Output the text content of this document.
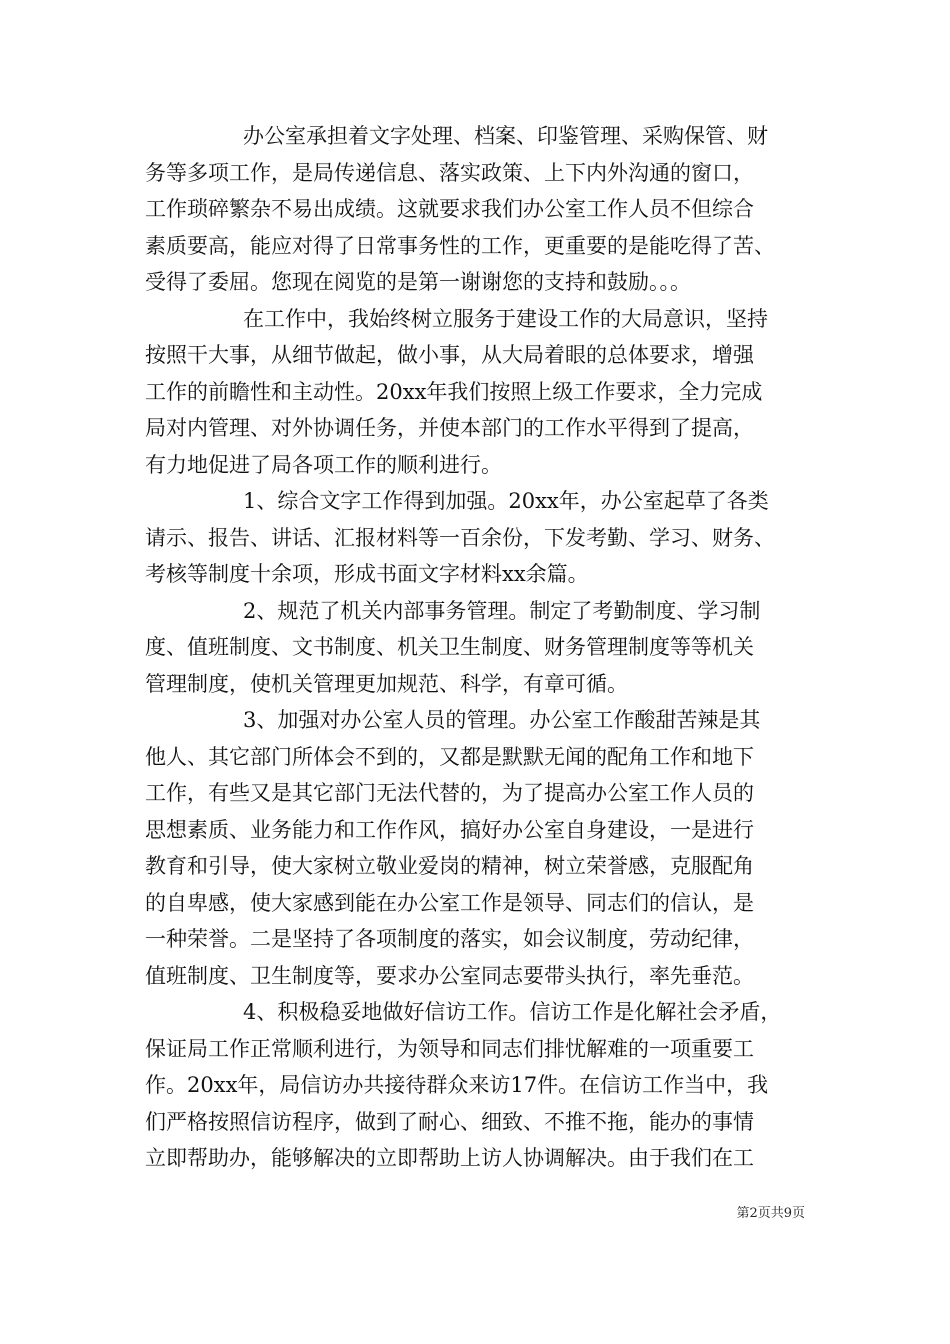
办公室承担着文字处理、档案、印鉴管理、采购保管、财
务等多项工作，是局传递信息、落实政策、上下内外沟通的窗口，
工作琐碎繁杂不易出成绩。这就要求我们办公室工作人员不但综合
素质要高，能应对得了日常事务性的工作，更重要的是能吃得了苦、
受得了委屈。您现在阅览的是第一谢谢您的支持和鼓励。。。
在工作中，我始终树立服务于建设工作的大局意识，坚持
按照干大事，从细节做起，做小事，从大局着眼的总体要求，增强
工作的前瞻性和主动性。20xx年我们按照上级工作要求，全力完成
局对内管理、对外协调任务，并使本部门的工作水平得到了提高，
有力地促进了局各项工作的顺利进行。
1、综合文字工作得到加强。20xx年，办公室起草了各类
请示、报告、讲话、汇报材料等一百余份，下发考勤、学习、财务、
考核等制度十余项，形成书面文字材料xx余篇。
2、规范了机关内部事务管理。制定了考勤制度、学习制
度、值班制度、文书制度、机关卫生制度、财务管理制度等等机关
管理制度，使机关管理更加规范、科学，有章可循。
3、加强对办公室人员的管理。办公室工作酸甜苦辣是其
他人、其它部门所体会不到的，又都是默默无闻的配角工作和地下
工作，有些又是其它部门无法代替的，为了提高办公室工作人员的
思想素质、业务能力和工作作风，搞好办公室自身建设，一是进行
教育和引导，使大家树立敬业爱岗的精神，树立荣誉感，克服配角
的自卑感，使大家感到能在办公室工作是领导、同志们的信认，是
一种荣誉。二是坚持了各项制度的落实，如会议制度，劳动纪律，
值班制度、卫生制度等，要求办公室同志要带头执行，率先垂范。
4、积极稳妥地做好信访工作。信访工作是化解社会矛盾，
保证局工作正常顺利进行，为领导和同志们排忧解难的一项重要工
作。20xx年，局信访办共接待群众来访17件。在信访工作当中，我
们严格按照信访程序，做到了耐心、细致、不推不拖，能办的事情
立即帮助办，能够解决的立即帮助上访人协调解决。由于我们在工
第2页共9页
